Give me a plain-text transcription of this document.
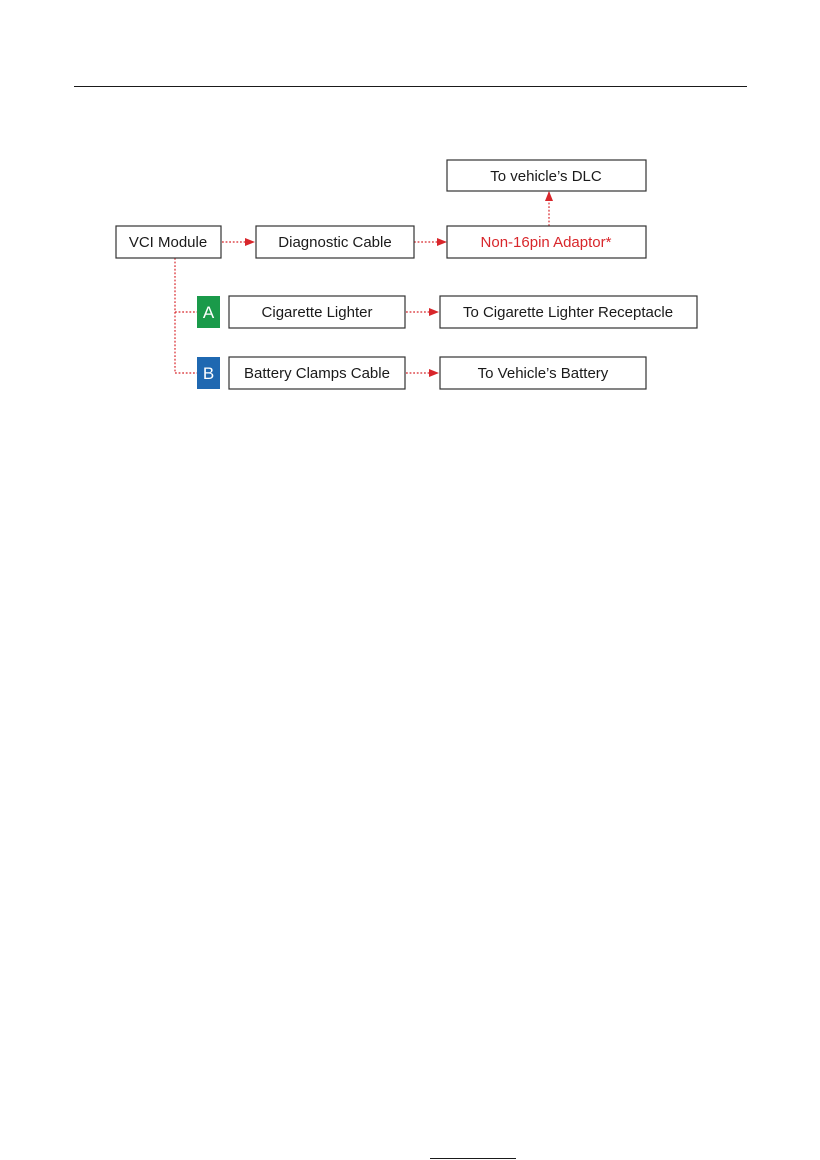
To vehicle’s DLC
VCI Module	Diagnostic Cable	Non-16pin Adaptor*
A	Cigarette Lighter	To Cigarette Lighter Receptacle
B Battery Clamps Cable	To Vehicle’s Battery
